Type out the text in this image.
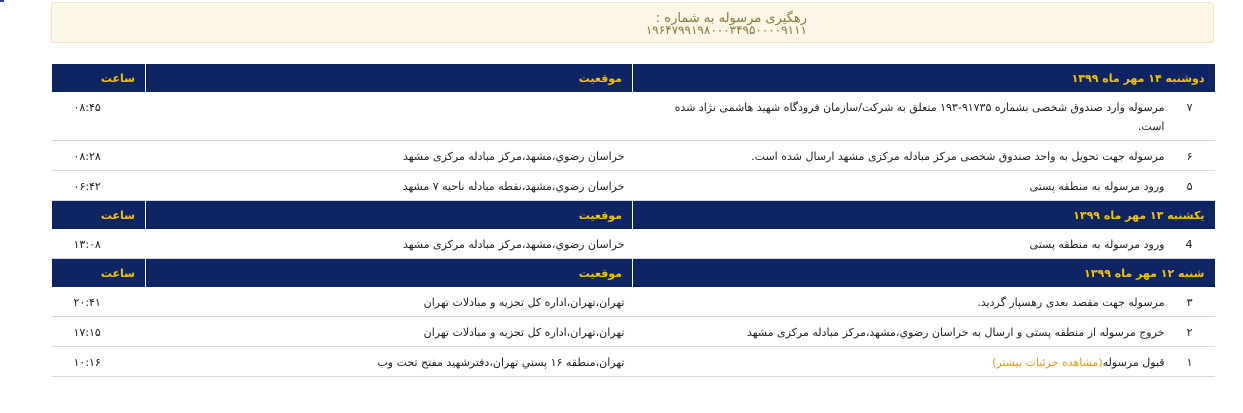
رهگیری مرسوله به شماره :
۱۹۶۴۷۹۹۱۹۸۰۰۰۳۴۹۵۰۰۰۰۹۱۱۱
دوشنبه ۱۴ مهر ماه ۱۳۹۹	موقعیت	ساعت

۷
مرسوله وارد صندوق شخصی بشماره ۹۱۷۳۵-۱۹۳ متعلق به شرکت/سازمان فرودگاه شهید هاشمی نژاد شده است.		۰۸:۴۵

۶
مرسوله جهت تحویل به واحد صندوق شخصی مرکز مبادله مرکزی مشهد ارسال شده است.	خراسان رضوي،مشهد،مرکز مبادله مرکزی مشهد	۰۸:۲۸

۵
ورود مرسوله به منطقه پستی	خراسان رضوي،مشهد،نقطه مبادله ناحیه ۷ مشهد	۰۶:۴۲
یکشنبه ۱۳ مهر ماه ۱۳۹۹	موقعیت	ساعت

4
ورود مرسوله به منطقه پستی	خراسان رضوي،مشهد،مرکز مبادله مرکزی مشهد	۱۳:۰۸
شنبه ۱۲ مهر ماه ۱۳۹۹	موقعیت	ساعت

۳
مرسوله جهت مقصد بعدی رهسپار گردید.	تهران،تهران،اداره کل تجزیه و مبادلات تهران	۲۰:۴۱

۲
خروج مرسوله از منطقه پستی و ارسال به خراسان رضوي،مشهد،مرکز مبادله مرکزی مشهد	تهران،تهران،اداره کل تجزیه و مبادلات تهران	۱۷:۱۵

۱
قبول مرسوله(مشاهده جزئیات بیشتر)	تهران،منطقه ۱۶ پستي تهران،دفترشهید مفتح تحت وب	۱۰:۱۶
